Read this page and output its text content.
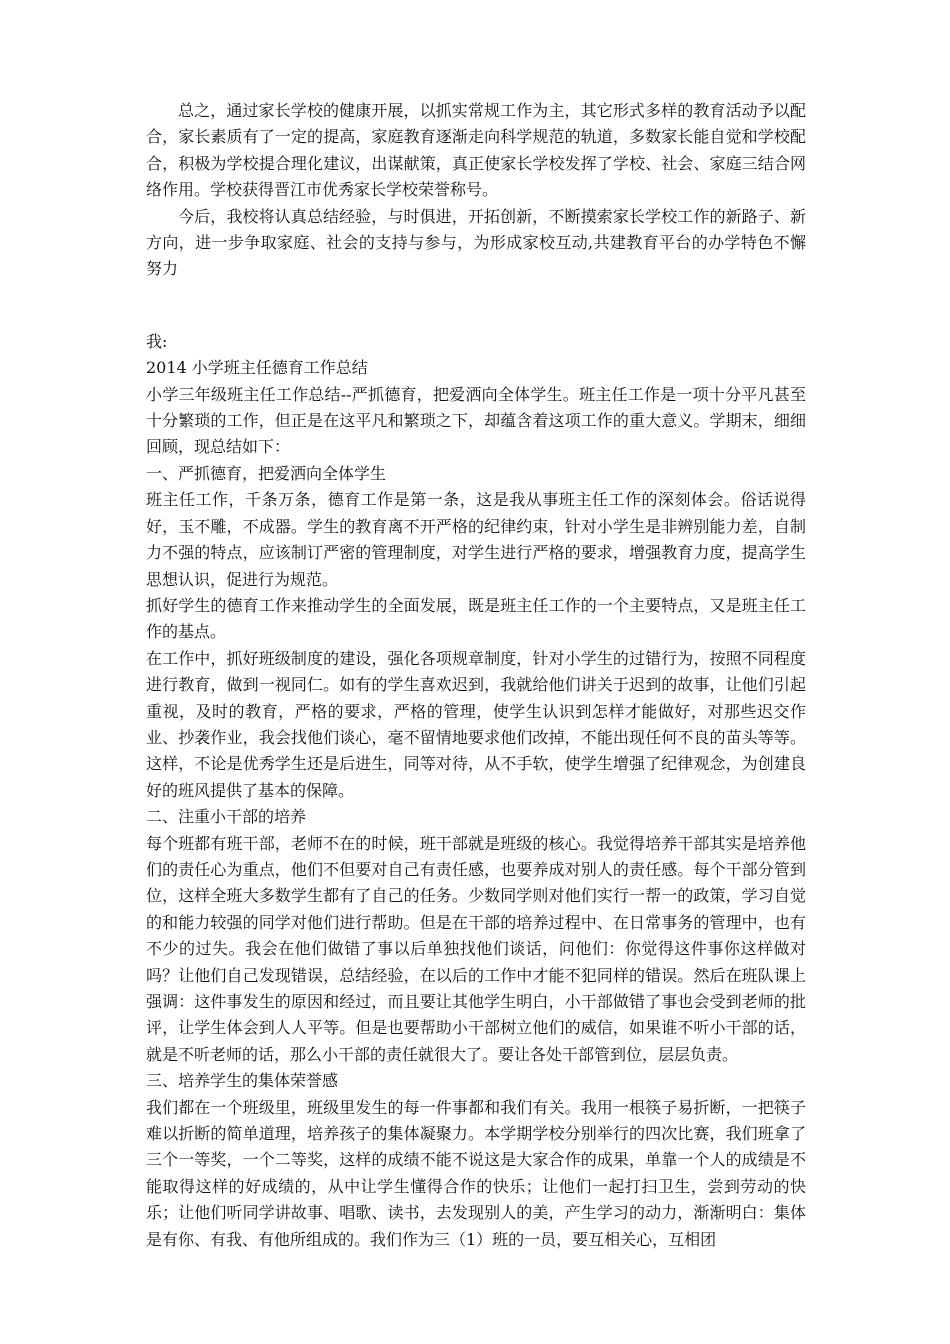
总之，通过家长学校的健康开展，以抓实常规工作为主，其它形式多样的教育活动予以配合，家长素质有了一定的提高，家庭教育逐渐走向科学规范的轨道，多数家长能自觉和学校配合，积极为学校提合理化建议，出谋献策，真正使家长学校发挥了学校、社会、家庭三结合网络作用。学校获得晋江市优秀家长学校荣誉称号。

今后，我校将认真总结经验，与时俱进，开拓创新，不断摸索家长学校工作的新路子、新方向，进一步争取家庭、社会的支持与参与，为形成家校互动,共建教育平台的办学特色不懈努力

我:

2014 小学班主任德育工作总结

小学三年级班主任工作总结--严抓德育，把爱洒向全体学生。班主任工作是一项十分平凡甚至十分繁琐的工作，但正是在这平凡和繁琐之下，却蕴含着这项工作的重大意义。学期末，细细回顾，现总结如下：

一、严抓德育，把爱洒向全体学生

班主任工作，千条万条，德育工作是第一条，这是我从事班主任工作的深刻体会。俗话说得好，玉不雕，不成器。学生的教育离不开严格的纪律约束，针对小学生是非辨别能力差，自制力不强的特点，应该制订严密的管理制度，对学生进行严格的要求，增强教育力度，提高学生思想认识，促进行为规范。

抓好学生的德育工作来推动学生的全面发展，既是班主任工作的一个主要特点，又是班主任工作的基点。

在工作中，抓好班级制度的建设，强化各项规章制度，针对小学生的过错行为，按照不同程度进行教育，做到一视同仁。如有的学生喜欢迟到，我就给他们讲关于迟到的故事，让他们引起重视，及时的教育，严格的要求，严格的管理，使学生认识到怎样才能做好，对那些迟交作业、抄袭作业，我会找他们谈心，毫不留情地要求他们改掉，不能出现任何不良的苗头等等。这样，不论是优秀学生还是后进生，同等对待，从不手软，使学生增强了纪律观念，为创建良好的班风提供了基本的保障。

二、注重小干部的培养

每个班都有班干部，老师不在的时候，班干部就是班级的核心。我觉得培养干部其实是培养他们的责任心为重点，他们不但要对自己有责任感，也要养成对别人的责任感。每个干部分管到位，这样全班大多数学生都有了自己的任务。少数同学则对他们实行一帮一的政策，学习自觉的和能力较强的同学对他们进行帮助。但是在干部的培养过程中、在日常事务的管理中，也有不少的过失。我会在他们做错了事以后单独找他们谈话，问他们：你觉得这件事你这样做对吗？让他们自己发现错误，总结经验，在以后的工作中才能不犯同样的错误。然后在班队课上强调：这件事发生的原因和经过，而且要让其他学生明白，小干部做错了事也会受到老师的批评，让学生体会到人人平等。但是也要帮助小干部树立他们的威信，如果谁不听小干部的话，就是不听老师的话，那么小干部的责任就很大了。要让各处干部管到位，层层负责。

三、培养学生的集体荣誉感

我们都在一个班级里，班级里发生的每一件事都和我们有关。我用一根筷子易折断，一把筷子难以折断的简单道理，培养孩子的集体凝聚力。本学期学校分别举行的四次比赛，我们班拿了三个一等奖，一个二等奖，这样的成绩不能不说这是大家合作的成果，单靠一个人的成绩是不能取得这样的好成绩的，从中让学生懂得合作的快乐；让他们一起打扫卫生，尝到劳动的快乐；让他们听同学讲故事、唱歌、读书，去发现别人的美，产生学习的动力，渐渐明白：集体是有你、有我、有他所组成的。我们作为三（1）班的一员，要互相关心，互相团
